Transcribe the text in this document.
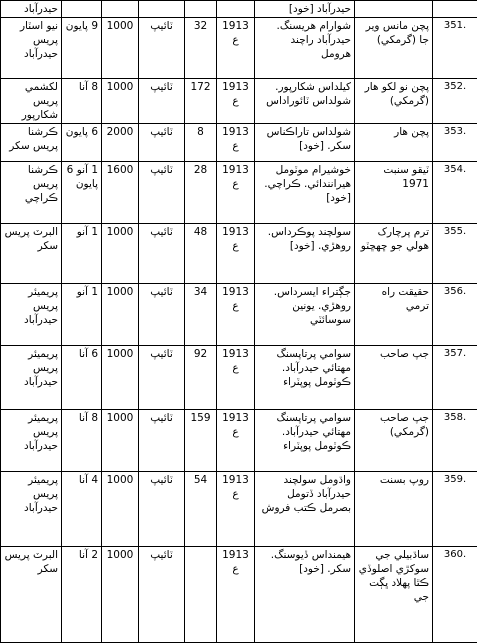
		حيدرآباد [خود]						حيدرآباد
351.	پچن مانس وير جا (گرمکي)	شوارام هريسنگ. حيدرآباد راچند هرومل	1913 ع	32	ٽائيپ	1000	9 پايون	نيو اسٽار پريس حيدرآباد
352.	پچن نو لکو هار (گرمکي)	کيلداس شکارپور. شولداس ٽائوراداس	1913 ع	172	ٽائيپ	1000	8 آنا	لکشمي پريس شکارپور
353.	پچن هار	شولداس تاراڪناس سکر. [خود]	1913 ع	8	ٽائيپ	2000	6 پايون	ڪرشنا پريس سکر
354.	ٽيقو سنبت 1971	خوشيرام موٽومل هيرانندائي. ڪراچي. [خود]	1913 ع	28	ٽائيپ	1600	1 آنو 6 پايون	ڪرشنا پريس ڪراچي
355.	ترم پرچارک هولي جو ڇهڇٽو	سولچند پوڪرداس. روهڙي. [خود]	1913 ع	48	ٽائيپ	1000	1 آنو	البرٽ پريس سکر
356.	حقيقت راه ترمي	جڳتراء ايسرداس. روهڙي. يونين سوسائٽي	1913 ع	34	ٽائيپ	1000	1 آنو	پريميئر پريس حيدرآباد
357.	جپ صاحب	سوامي پرتاپسنگ مهتائي حيدرآباد. ڪوٽومل پوپٽراء	1913 ع	92	ٽائيپ	1000	6 آنا	پريميئر پريس حيدرآباد
358.	جپ صاحب (گرمکي)	سوامي پرتاپسنگ مهتائي حيدرآباد. ڪوٽومل پوپٽراء	1913 ع	159	ٽائيپ	1000	8 آنا	پريميئر پريس حيدرآباد
359.	روپ بسنت	واڌومل سولچند حيدرآباد ڏتومل بصرمل ڪتب فروش	1913 ع	54	ٽائيپ	1000	4 آنا	پريميئر پريس حيدرآباد
360.	ساڌبيلي جي سوکڙي اصلوڏي ڪٿا پهلاد ڀڳت جي	هيمنداس ڏيوسنگ. سکر. [خود]	1913 ع		ٽائيپ	1000	2 آنا	البرٽ پريس سکر
